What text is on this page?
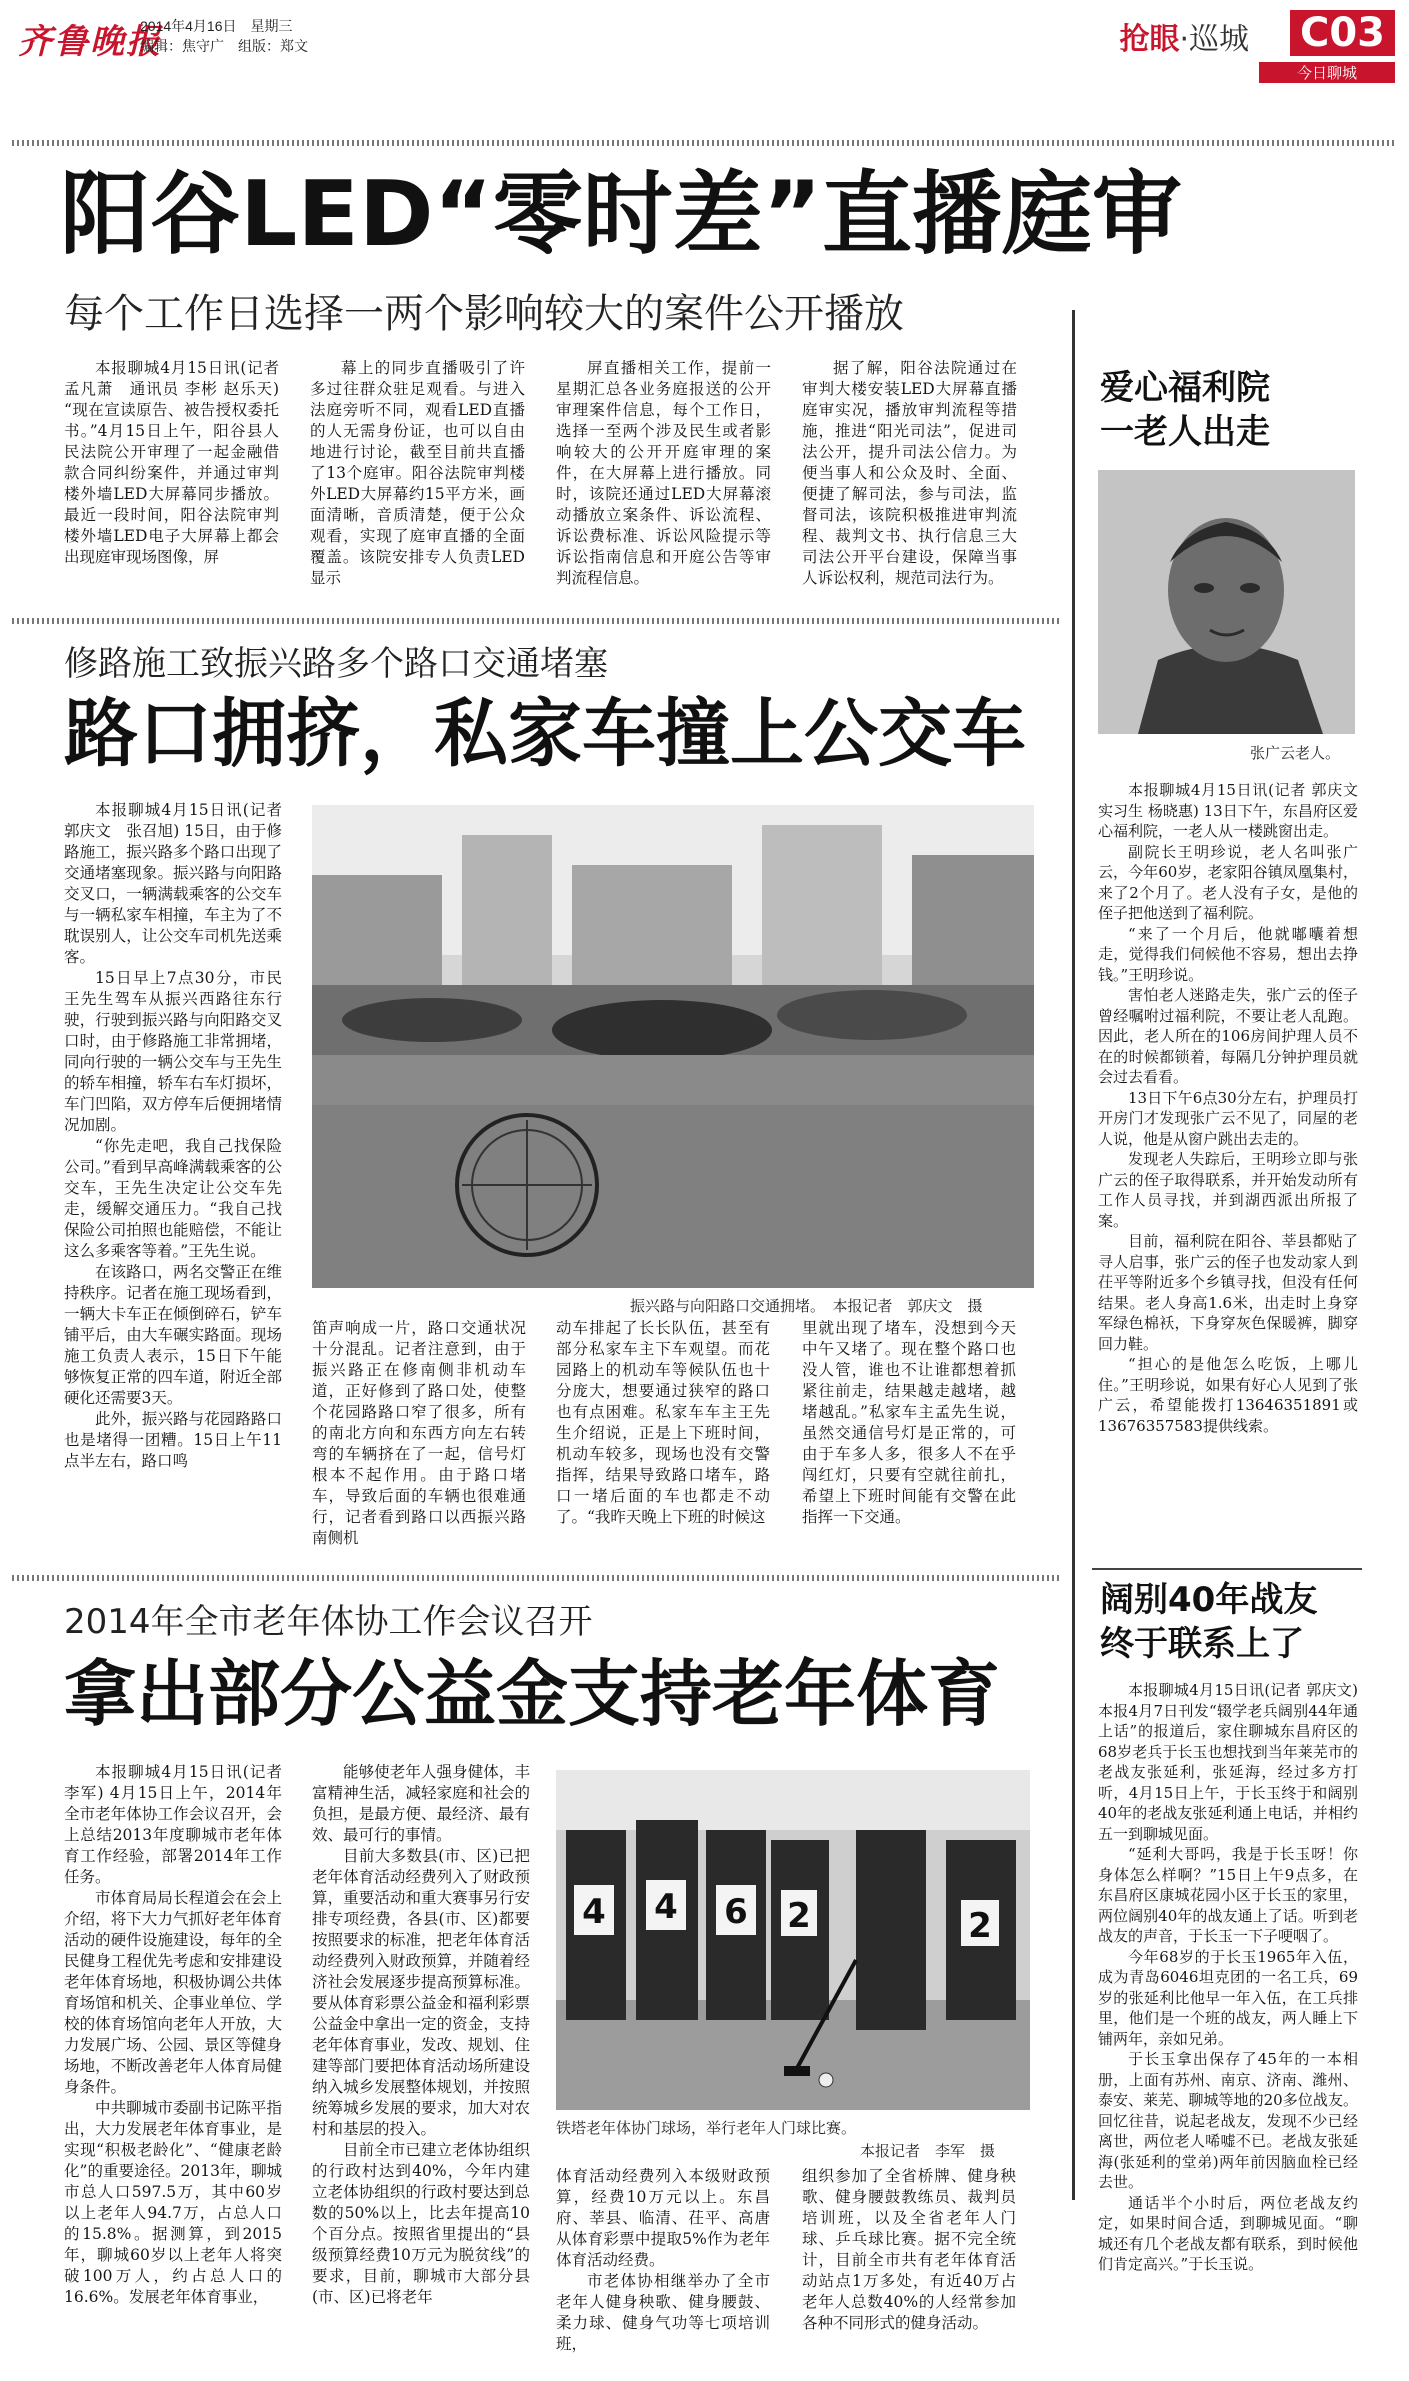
齐鲁晚报
2014年4月16日　星期三
编辑：焦守广　组版：郑文	抢眼·巡城 C03
今日聊城
阳谷LED“零时差”直播庭审
每个工作日选择一两个影响较大的案件公开播放

本报聊城4月15日讯(记者 孟凡萧　通讯员 李彬 赵乐天) “现在宣读原告、被告授权委托书。”4月15日上午，阳谷县人民法院公开审理了一起金融借款合同纠纷案件，并通过审判楼外墙LED大屏幕同步播放。最近一段时间，阳谷法院审判楼外墙LED电子大屏幕上都会出现庭审现场图像，屏

幕上的同步直播吸引了许多过往群众驻足观看。与进入法庭旁听不同，观看LED直播的人无需身份证，也可以自由地进行讨论，截至目前共直播了13个庭审。阳谷法院审判楼外LED大屏幕约15平方米，画面清晰，音质清楚，便于公众观看，实现了庭审直播的全面覆盖。该院安排专人负责LED显示

屏直播相关工作，提前一星期汇总各业务庭报送的公开审理案件信息，每个工作日，选择一至两个涉及民生或者影响较大的公开开庭审理的案件，在大屏幕上进行播放。同时，该院还通过LED大屏幕滚动播放立案条件、诉讼流程、诉讼费标准、诉讼风险提示等诉讼指南信息和开庭公告等审判流程信息。

据了解，阳谷法院通过在审判大楼安装LED大屏幕直播庭审实况，播放审判流程等措施，推进“阳光司法”，促进司法公开，提升司法公信力。为便当事人和公众及时、全面、便捷了解司法，参与司法，监督司法，该院积极推进审判流程、裁判文书、执行信息三大司法公开平台建设，保障当事人诉讼权利，规范司法行为。

爱心福利院
一老人出走
张广云老人。

本报聊城4月15日讯(记者 郭庆文　实习生 杨晓惠) 13日下午，东昌府区爱心福利院，一老人从一楼跳窗出走。

副院长王明珍说，老人名叫张广云，今年60岁，老家阳谷镇凤凰集村，来了2个月了。老人没有子女，是他的侄子把他送到了福利院。

“来了一个月后，他就嘟囔着想走，觉得我们伺候他不容易，想出去挣钱。”王明珍说。

害怕老人迷路走失，张广云的侄子曾经嘱咐过福利院，不要让老人乱跑。因此，老人所在的106房间护理人员不在的时候都锁着，每隔几分钟护理员就会过去看看。

13日下午6点30分左右，护理员打开房门才发现张广云不见了，同屋的老人说，他是从窗户跳出去走的。

发现老人失踪后，王明珍立即与张广云的侄子取得联系，并开始发动所有工作人员寻找，并到湖西派出所报了案。

目前，福利院在阳谷、莘县都贴了寻人启事，张广云的侄子也发动家人到茌平等附近多个乡镇寻找，但没有任何结果。老人身高1.6米，出走时上身穿军绿色棉袄，下身穿灰色保暖裤，脚穿回力鞋。

“担心的是他怎么吃饭，上哪儿住。”王明珍说，如果有好心人见到了张广云，希望能拨打13646351891或13676357583提供线索。

修路施工致振兴路多个路口交通堵塞
路口拥挤，私家车撞上公交车

本报聊城4月15日讯(记者 郭庆文　张召旭) 15日，由于修路施工，振兴路多个路口出现了交通堵塞现象。振兴路与向阳路交叉口，一辆满载乘客的公交车与一辆私家车相撞，车主为了不耽误别人，让公交车司机先送乘客。

15日早上7点30分，市民王先生驾车从振兴西路往东行驶，行驶到振兴路与向阳路交叉口时，由于修路施工非常拥堵，同向行驶的一辆公交车与王先生的轿车相撞，轿车右车灯损坏，车门凹陷，双方停车后便拥堵情况加剧。

“你先走吧，我自己找保险公司。”看到早高峰满载乘客的公交车，王先生决定让公交车先走，缓解交通压力。“我自己找保险公司拍照也能赔偿，不能让这么多乘客等着。”王先生说。

在该路口，两名交警正在维持秩序。记者在施工现场看到，一辆大卡车正在倾倒碎石，铲车铺平后，由大车碾实路面。现场施工负责人表示，15日下午能够恢复正常的四车道，附近全部硬化还需要3天。

此外，振兴路与花园路路口　也是堵得一团糟。15日上午11点半左右，路口鸣

振兴路与向阳路口交通拥堵。　本报记者　郭庆文　摄

笛声响成一片，路口交通状况十分混乱。记者注意到，由于振兴路正在修南侧非机动车道，正好修到了路口处，使整个花园路路口窄了很多，所有的南北方向和东西方向左右转弯的车辆挤在了一起，信号灯根本不起作用。由于路口堵车，导致后面的车辆也很难通行，记者看到路口以西振兴路南侧机

动车排起了长长队伍，甚至有部分私家车主下车观望。而花园路上的机动车等候队伍也十分庞大，想要通过狭窄的路口也有点困难。私家车车主王先生介绍说，正是上下班时间，机动车较多，现场也没有交警指挥，结果导致路口堵车，路口一堵后面的车也都走不动了。“我昨天晚上下班的时候这

里就出现了堵车，没想到今天中午又堵了。现在整个路口也没人管，谁也不让谁都想着抓紧往前走，结果越走越堵，越堵越乱。”私家车主孟先生说，虽然交通信号灯是正常的，可由于车多人多，很多人不在乎闯红灯，只要有空就往前扎，希望上下班时间能有交警在此指挥一下交通。

阔别40年战友
终于联系上了

本报聊城4月15日讯(记者 郭庆文) 本报4月7日刊发“辍学老兵阔别44年通上话”的报道后，家住聊城东昌府区的68岁老兵于长玉也想找到当年莱芜市的老战友张延利，张延海，经过多方打听，4月15日上午，于长玉终于和阔别40年的老战友张延利通上电话，并相约五一到聊城见面。

“延利大哥吗，我是于长玉呀！你身体怎么样啊？”15日上午9点多，在东昌府区康城花园小区于长玉的家里，两位阔别40年的战友通上了话。听到老战友的声音，于长玉一下子哽咽了。

今年68岁的于长玉1965年入伍，成为青岛6046坦克团的一名工兵，69岁的张延利比他早一年入伍，在工兵排里，他们是一个班的战友，两人睡上下铺两年，亲如兄弟。

于长玉拿出保存了45年的一本相册，上面有苏州、南京、济南、潍州、泰安、莱芜、聊城等地的20多位战友。回忆往昔，说起老战友，发现不少已经离世，两位老人唏嘘不已。老战友张延海(张延利的堂弟)两年前因脑血栓已经去世。

通话半个小时后，两位老战友约定，如果时间合适，到聊城见面。“聊城还有几个老战友都有联系，到时候他们肯定高兴。”于长玉说。

2014年全市老年体协工作会议召开
拿出部分公益金支持老年体育

本报聊城4月15日讯(记者 李军) 4月15日上午，2014年全市老年体协工作会议召开，会上总结2013年度聊城市老年体育工作经验，部署2014年工作任务。

市体育局局长程道会在会上介绍，将下大力气抓好老年体育活动的硬件设施建设，每年的全民健身工程优先考虑和安排建设老年体育场地，积极协调公共体育场馆和机关、企事业单位、学校的体育场馆向老年人开放，大力发展广场、公园、景区等健身场地，不断改善老年人体育局健身条件。

中共聊城市委副书记陈平指出，大力发展老年体育事业，是实现“积极老龄化”、“健康老龄化”的重要途径。2013年，聊城市总人口597.5万，其中60岁以上老年人94.7万，占总人口的15.8%。据测算，到2015年，聊城60岁以上老年人将突破100万人，约占总人口的16.6%。发展老年体育事业，

能够使老年人强身健体，丰富精神生活，减轻家庭和社会的负担，是最方便、最经济、最有效、最可行的事情。

目前大多数县(市、区)已把老年体育活动经费列入了财政预算，重要活动和重大赛事另行安排专项经费，各县(市、区)都要按照要求的标准，把老年体育活动经费列入财政预算，并随着经济社会发展逐步提高预算标准。要从体育彩票公益金和福利彩票公益金中拿出一定的资金，支持老年体育事业，发改、规划、住建等部门要把体育活动场所建设纳入城乡发展整体规划，并按照统筹城乡发展的要求，加大对农村和基层的投入。

目前全市已建立老体协组织的行政村达到40%，今年内建立老体协组织的行政村要达到总数的50%以上，比去年提高10个百分点。按照省里提出的“县级预算经费10万元为脱贫线”的要求，目前，聊城市大部分县(市、区)已将老年

4 4 6 2	2
铁塔老年体协门球场，举行老年人门球比赛。
本报记者　李军　摄

体育活动经费列入本级财政预算，经费10万元以上。东昌府、莘县、临清、茌平、高唐从体育彩票中提取5%作为老年体育活动经费。

市老体协相继举办了全市老年人健身秧歌、健身腰鼓、柔力球、健身气功等七项培训班，

组织参加了全省桥牌、健身秧歌、健身腰鼓教练员、裁判员培训班，以及全省老年人门球、乒乓球比赛。据不完全统计，目前全市共有老年体育活动站点1万多处，有近40万占老年人总数40%的人经常参加各种不同形式的健身活动。
